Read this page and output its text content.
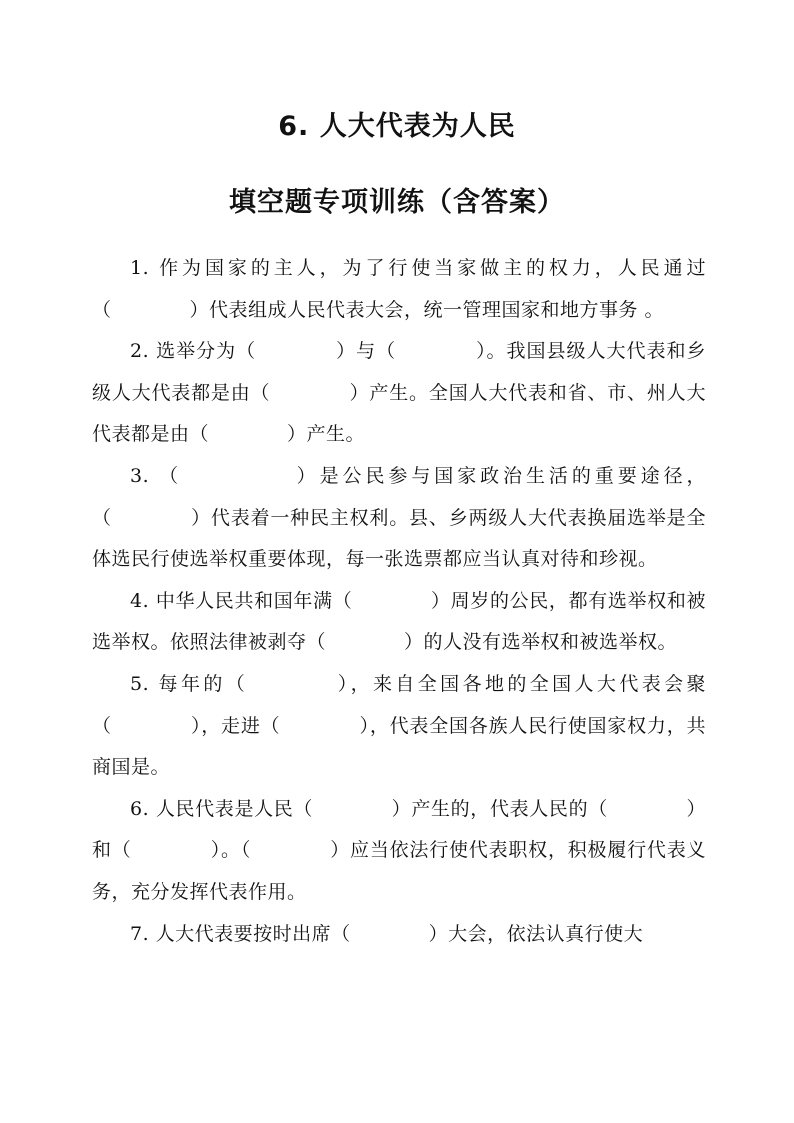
6. 人大代表为人民
填空题专项训练（含答案）

1. 作为国家的主人，为了行使当家做主的权力，人民通过（　　　　）代表组成人民代表大会，统一管理国家和地方事务 。

2. 选举分为（　　　　）与（　　　　）。我国县级人大代表和乡级人大代表都是由（　　　　）产生。全国人大代表和省、市、州人大代表都是由（　　　　）产生。

3. （　　　　　）是公民参与国家政治生活的重要途径，（　　　　）代表着一种民主权利。县、乡两级人大代表换届选举是全体选民行使选举权重要体现，每一张选票都应当认真对待和珍视。

4. 中华人民共和国年满（　　　　）周岁的公民，都有选举权和被选举权。依照法律被剥夺（　　　　）的人没有选举权和被选举权。

5. 每年的（　　　　），来自全国各地的全国人大代表会聚（　　　　），走进（　　　　），代表全国各族人民行使国家权力，共商国是。

6. 人民代表是人民（　　　　）产生的，代表人民的（　　　　）和（　　　　）。（　　　　）应当依法行使代表职权，积极履行代表义务，充分发挥代表作用。

7. 人大代表要按时出席（　　　　）大会，依法认真行使大
